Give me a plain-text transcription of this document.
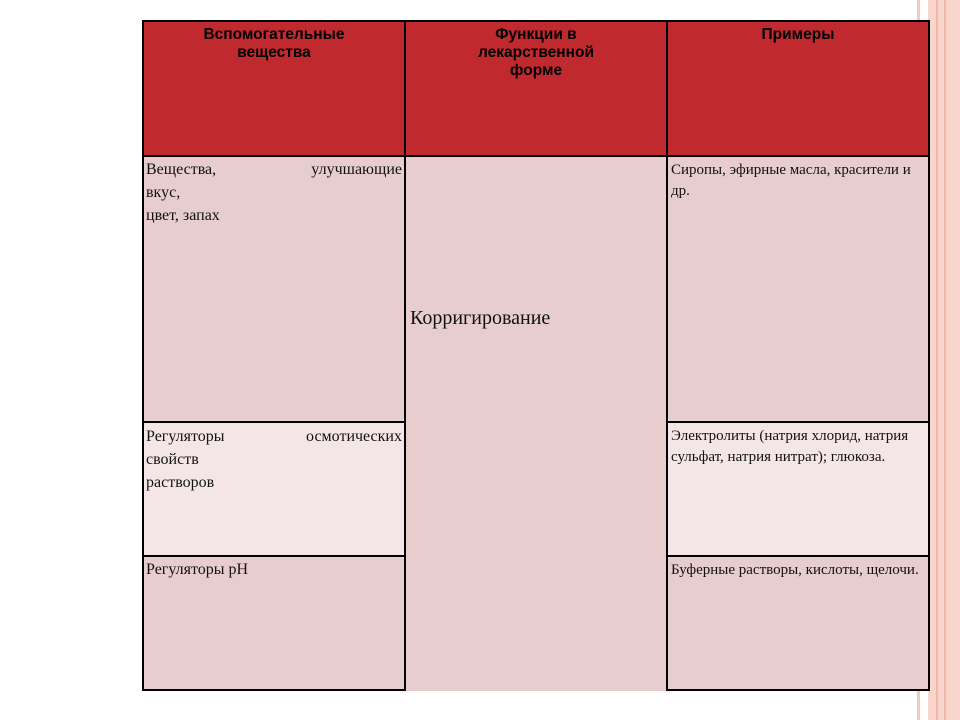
Вспомогательные вещества
Функции в лекарственной форме
Примеры
Корригирование
Вещества, улучшающие
вкус,
цвет, запах
Сиропы, эфирные масла, красители и др.
Регуляторы осмотических
свойств
растворов
Электролиты (натрия хлорид, натрия сульфат, натрия нитрат); глюкоза.
Регуляторы рН	Буферные растворы, кислоты, щелочи.
